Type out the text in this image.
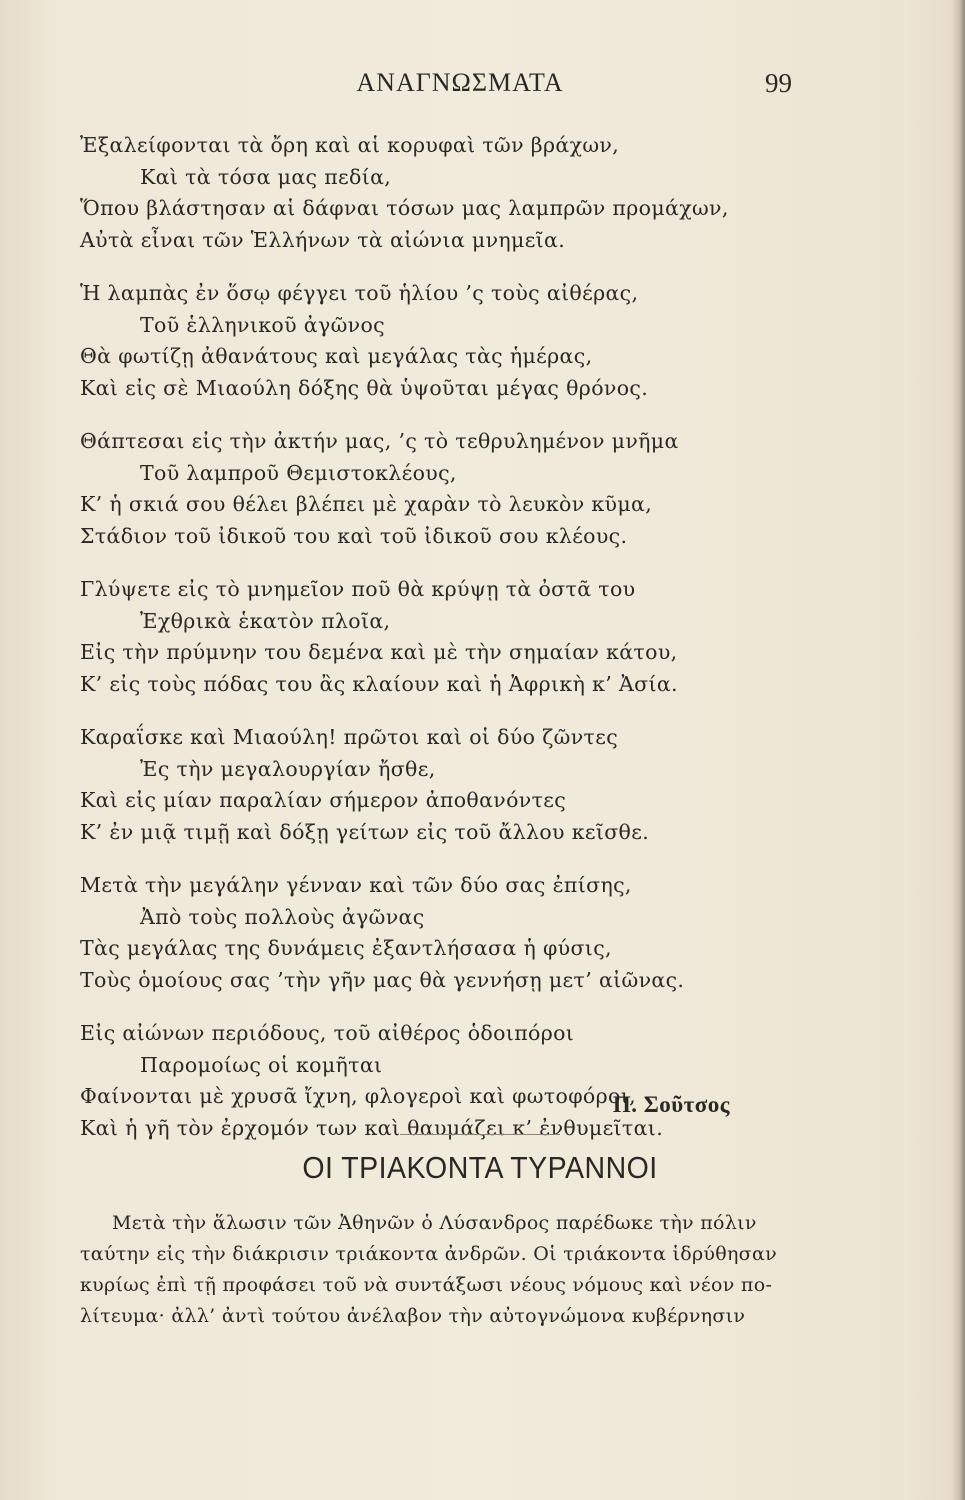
ΑΝΑΓΝΩΣΜΑΤΑ	99
Ἐξαλείφονται τὰ ὄρη καὶ αἱ κορυφαὶ τῶν βράχων,
Καὶ τὰ τόσα μας πεδία,
Ὅπου βλάστησαν αἱ δάφναι τόσων μας λαμπρῶν προμάχων,
Αὐτὰ εἶναι τῶν Ἑλλήνων τὰ αἰώνια μνημεῖα.
Ἡ λαμπὰς ἐν ὅσῳ φέγγει τοῦ ἡλίου ’ς τοὺς αἰθέρας,
Τοῦ ἑλληνικοῦ ἀγῶνος
Θὰ φωτίζῃ ἀθανάτους καὶ μεγάλας τὰς ἡμέρας,
Καὶ εἰς σὲ Μιαούλη δόξης θὰ ὑψοῦται μέγας θρόνος.
Θάπτεσαι εἰς τὴν ἀκτήν μας, ’ς τὸ τεθρυλημένον μνῆμα
Τοῦ λαμπροῦ Θεμιστοκλέους,
Κ’ ἡ σκιά σου θέλει βλέπει μὲ χαρὰν τὸ λευκὸν κῦμα,
Στάδιον τοῦ ἰδικοῦ του καὶ τοῦ ἰδικοῦ σου κλέους.
Γλύψετε εἰς τὸ μνημεῖον ποῦ θὰ κρύψῃ τὰ ὀστᾶ του
Ἐχθρικὰ ἑκατὸν πλοῖα,
Εἰς τὴν πρύμνην του δεμένα καὶ μὲ τὴν σημαίαν κάτου,
Κ’ εἰς τοὺς πόδας του ἂς κλαίουν καὶ ἡ Ἀφρικὴ κ’ Ἀσία.
Καραΐσκε καὶ Μιαούλη! πρῶτοι καὶ οἱ δύο ζῶντες
Ἐς τὴν μεγαλουργίαν ἤσθε,
Καὶ εἰς μίαν παραλίαν σήμερον ἀποθανόντες
Κ’ ἐν μιᾷ τιμῇ καὶ δόξῃ γείτων εἰς τοῦ ἄλλου κεῖσθε.
Μετὰ τὴν μεγάλην γένναν καὶ τῶν δύο σας ἐπίσης,
Ἀπὸ τοὺς πολλοὺς ἀγῶνας
Τὰς μεγάλας της δυνάμεις ἐξαντλήσασα ἡ φύσις,
Τοὺς ὁμοίους σας ’τὴν γῆν μας θὰ γεννήσῃ μετ’ αἰῶνας.
Εἰς αἰώνων περιόδους, τοῦ αἰθέρος ὁδοιπόροι
Παρομοίως οἱ κομῆται
Φαίνονται μὲ χρυσᾶ ἴχνη, φλογεροὶ καὶ φωτοφόροι,
Καὶ ἡ γῆ τὸν ἐρχομόν των καὶ θαυμάζει κ’ ἐνθυμεῖται.
Π. Σοῦτσος
ΟΙ ΤΡΙΑΚΟΝΤΑ ΤΥΡΑΝΝΟΙ
Μετὰ τὴν ἅλωσιν τῶν Ἀθηνῶν ὁ Λύσανδρος παρέδωκε τὴν πόλιν
ταύτην εἰς τὴν διάκρισιν τριάκοντα ἀνδρῶν. Οἱ τριάκοντα ἱδρύθησαν
κυρίως ἐπὶ τῇ προφάσει τοῦ νὰ συντάξωσι νέους νόμους καὶ νέον πο-
λίτευμα· ἀλλ’ ἀντὶ τούτου ἀνέλαβον τὴν αὐτογνώμονα κυβέρνησιν
